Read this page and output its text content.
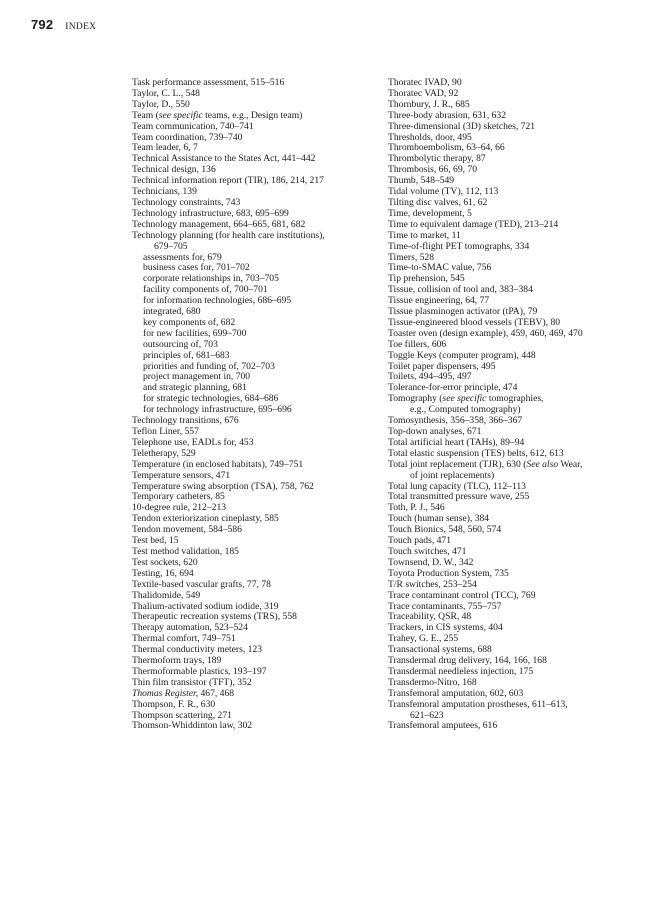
792 INDEX
Task performance assessment, 515–516
Taylor, C. L., 548
Taylor, D., 550
Team (see specific teams, e.g., Design team)
Team communication, 740–741
Team coordination, 739–740
Team leader, 6, 7
Technical Assistance to the States Act, 441–442
Technical design, 136
Technical information report (TIR), 186, 214, 217
Technicians, 139
Technology constraints, 743
Technology infrastructure, 683, 695–699
Technology management, 664–665, 681, 682
Technology planning (for health care institutions),
679–705
assessments for, 679
business cases for, 701–702
corporate relationships in, 703–705
facility components of, 700–701
for information technologies, 686–695
integrated, 680
key components of, 682
for new facilities, 699–700
outsourcing of, 703
principles of, 681–683
priorities and funding of, 702–703
project management in, 700
and strategic planning, 681
for strategic technologies, 684–686
for technology infrastructure, 695–696
Technology transitions, 676
Teflon Liner, 557
Telephone use, EADLs for, 453
Teletherapy, 529
Temperature (in enclosed habitats), 749–751
Temperature sensors, 471
Temperature swing absorption (TSA), 758, 762
Temporary catheters, 85
10-degree rule, 212–213
Tendon exteriorization cineplasty, 585
Tendon movement, 584–586
Test bed, 15
Test method validation, 185
Test sockets, 620
Testing, 16, 694
Textile-based vascular grafts, 77, 78
Thalidomide, 549
Thalium-activated sodium iodide, 319
Therapeutic recreation systems (TRS), 558
Therapy automation, 523–524
Thermal comfort, 749–751
Thermal conductivity meters, 123
Thermoform trays, 189
Thermoformable plastics, 193–197
Thin film transistor (TFT), 352
Thomas Register, 467, 468
Thompson, F. R., 630
Thompson scattering, 271
Thomson-Whiddinton law, 302
Thoratec IVAD, 90
Thoratec VAD, 92
Thornbury, J. R., 685
Three-body abrasion, 631, 632
Three-dimensional (3D) sketches, 721
Thresholds, door, 495
Thromboembolism, 63–64, 66
Thrombolytic therapy, 87
Thrombosis, 66, 69, 70
Thumb, 548–549
Tidal volume (TV), 112, 113
Tilting disc valves, 61, 62
Time, development, 5
Time to equivalent damage (TED), 213–214
Time to market, 11
Time-of-flight PET tomographs, 334
Timers, 528
Time-to-SMAC value, 756
Tip prehension, 545
Tissue, collision of tool and, 383–384
Tissue engineering, 64, 77
Tissue plasminogen activator (tPA), 79
Tissue-engineered blood vessels (TEBV), 80
Toaster oven (design example), 459, 460, 469, 470
Toe fillers, 606
Toggle Keys (computer program), 448
Toilet paper dispensers, 495
Toilets, 494–495, 497
Tolerance-for-error principle, 474
Tomography (see specific tomographies,
e.g., Computed tomography)
Tomosynthesis, 356–358, 366–367
Top-down analyses, 671
Total artificial heart (TAHs), 89–94
Total elastic suspension (TES) belts, 612, 613
Total joint replacement (TJR), 630 (See also Wear,
of joint replacements)
Total lung capacity (TLC), 112–113
Total transmitted pressure wave, 255
Toth, P. J., 546
Touch (human sense), 384
Touch Bionics, 548, 560, 574
Touch pads, 471
Touch switches, 471
Townsend, D. W., 342
Toyota Production System, 735
T/R switches, 253–254
Trace contaminant control (TCC), 769
Trace contaminants, 755–757
Traceability, QSR, 48
Trackers, in CIS systems, 404
Trahey, G. E., 255
Transactional systems, 688
Transdermal drug delivery, 164, 166, 168
Transdermal needleless injection, 175
Transdermo-Nitro, 168
Transfemoral amputation, 602, 603
Transfemoral amputation prostheses, 611–613,
621–623
Transfemoral amputees, 616
